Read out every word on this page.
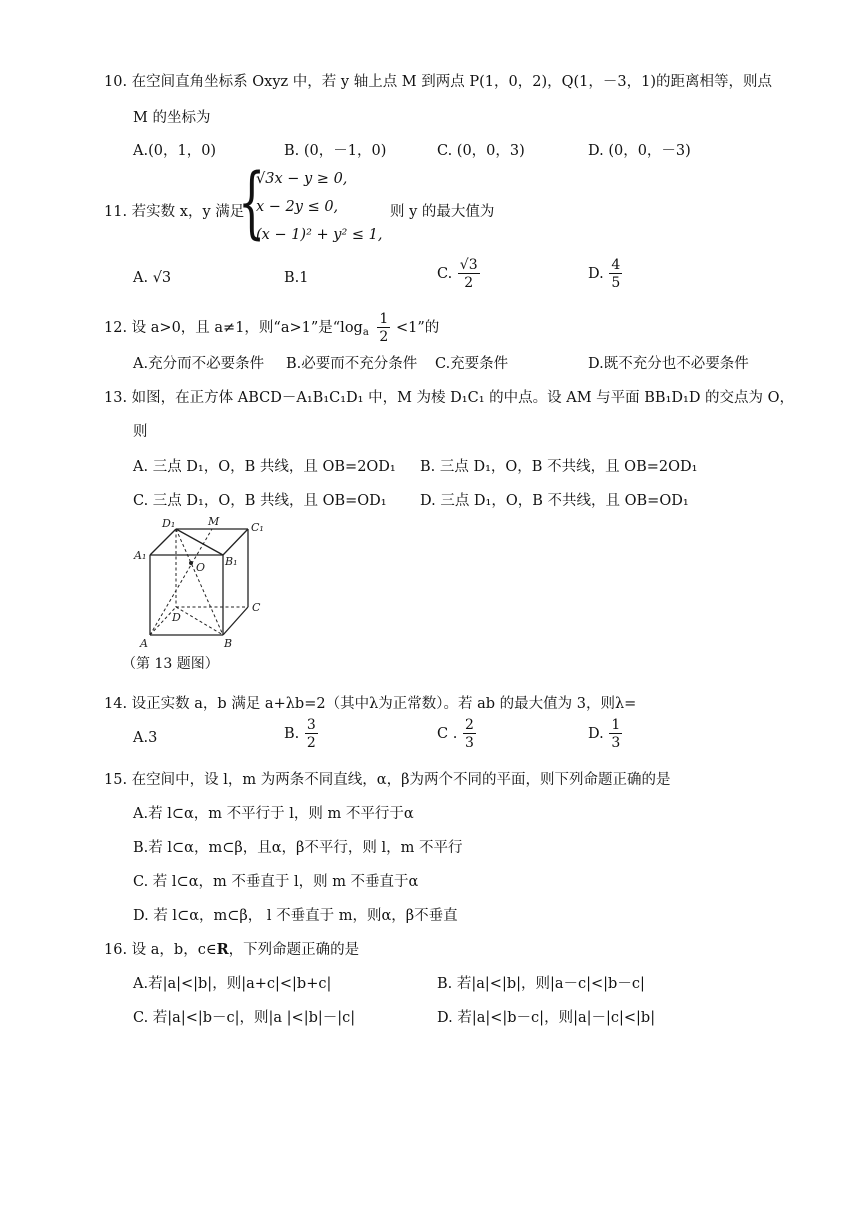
10. 在空间直角坐标系 Oxyz 中，若 y 轴上点 M 到两点 P(1，0，2)，Q(1，－3，1)的距离相等，则点
M 的坐标为
A.(0，1，0)	B. (0，－1，0)	C. (0，0，3)	D. (0，0，－3)
11. 若实数 x，y 满足
{
√3x − y ≥ 0,
x − 2y ≤ 0,
(x − 1)² + y² ≤ 1,
则 y 的最大值为
A. √3	B.1	C. $\frac{√3}{2}$	D. $\frac{4}{5}$
12. 设 a>0，且 a≠1，则“a>1”是“$\log_a \frac{1}{2} <1$”的
A.充分而不必要条件 B.必要而不充分条件 C.充要条件	D.既不充分也不必要条件
13. 如图，在正方体 ABCD－A₁B₁C₁D₁ 中，M 为棱 D₁C₁ 的中点。设 AM 与平面 BB₁D₁D 的交点为 O，
则
A. 三点 D₁，O，B 共线，且 OB=2OD₁ B. 三点 D₁，O，B 不共线，且 OB=2OD₁
C. 三点 D₁，O，B 共线，且 OB=OD₁ D. 三点 D₁，O，B 不共线，且 OB=OD₁
D₁	M	C₁
A₁	B₁
O
D
C
A	B
（第 13 题图）
14. 设正实数 a，b 满足 a+λb=2（其中λ为正常数）。若 ab 的最大值为 3，则λ=
A.3	B. $\frac{3}{2}$	C . $\frac{2}{3}$	D. $\frac{1}{3}$
15. 在空间中，设 l，m 为两条不同直线，α，β为两个不同的平面，则下列命题正确的是
A.若 l⊂α，m 不平行于 l，则 m 不平行于α
B.若 l⊂α，m⊂β，且α，β不平行，则 l，m 不平行
C. 若 l⊂α，m 不垂直于 l，则 m 不垂直于α
D. 若 l⊂α，m⊂β， l 不垂直于 m，则α，β不垂直
16. 设 a，b，c∈R，下列命题正确的是
A.若|a|<|b|，则|a+c|<|b+c|	B. 若|a|<|b|，则|a－c|<|b－c|
C. 若|a|<|b－c|，则|a |<|b|－|c|	D. 若|a|<|b－c|，则|a|－|c|<|b|
